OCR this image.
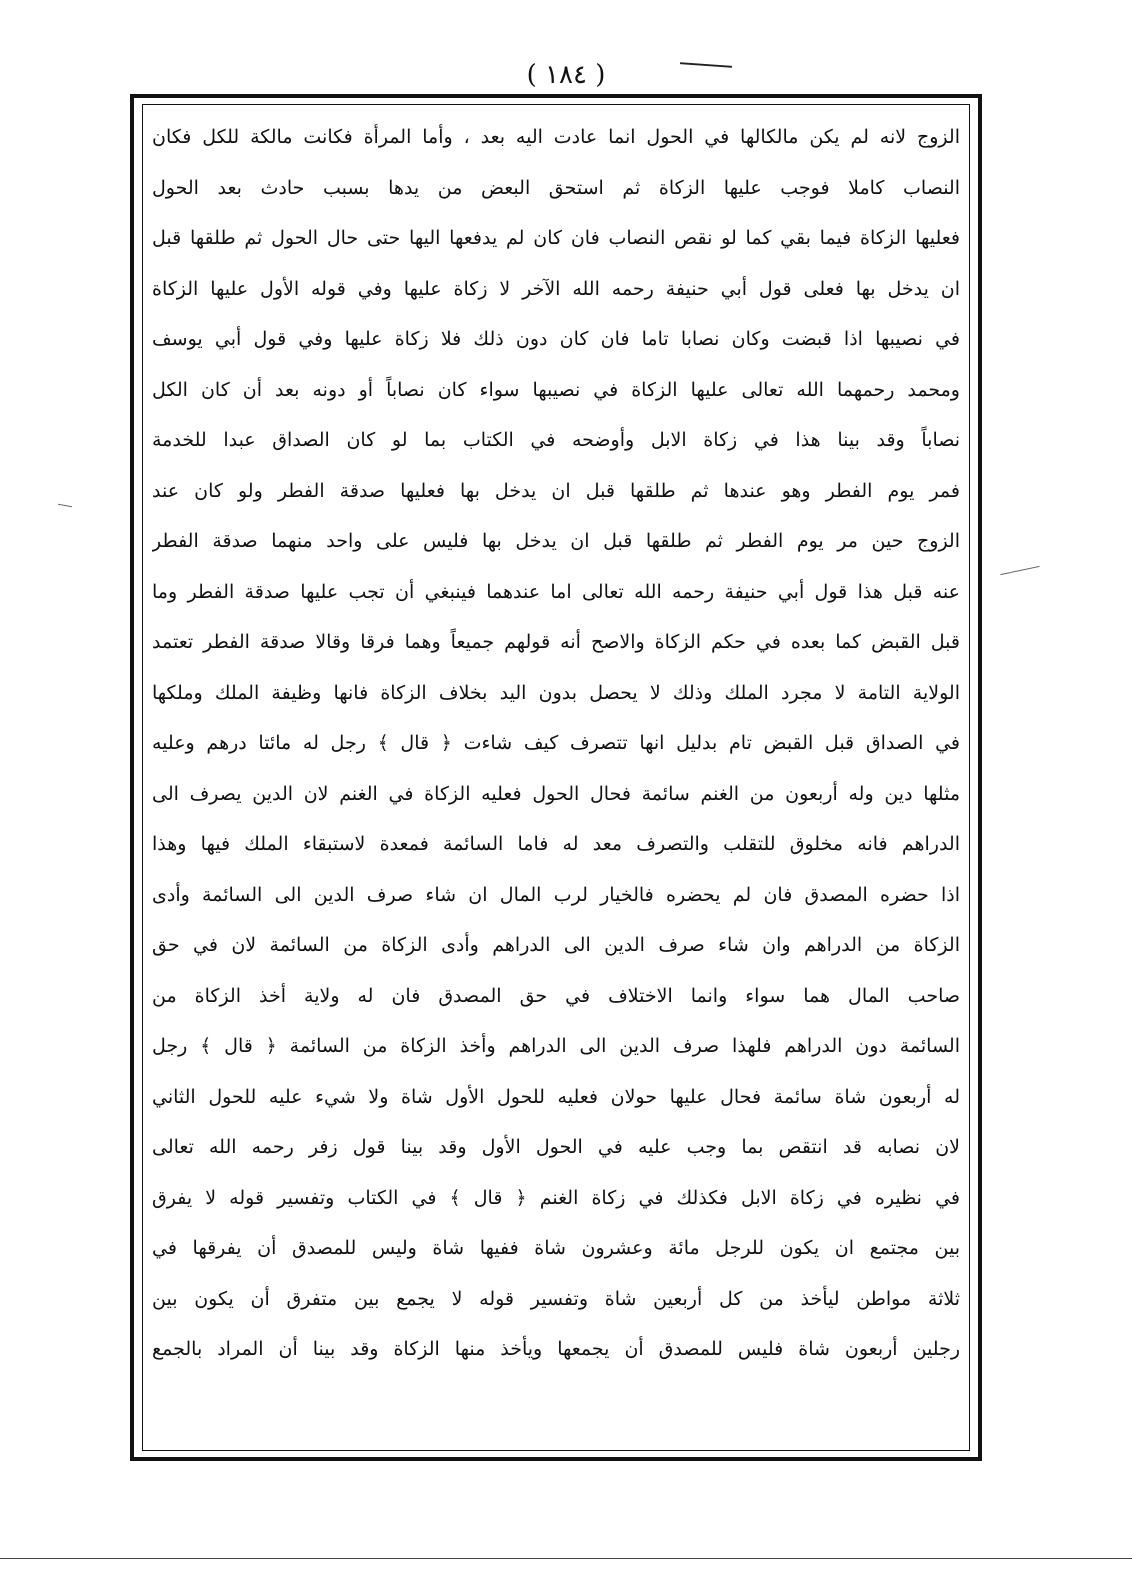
( ١٨٤ )
الزوج لانه لم يكن مالكالها في الحول انما عادت اليه بعد ، وأما المرأة فكانت مالكة للكل فكان
النصاب كاملا فوجب عليها الزكاة ثم استحق البعض من يدها بسبب حادث بعد الحول
فعليها الزكاة فيما بقي كما لو نقص النصاب فان كان لم يدفعها اليها حتى حال الحول ثم طلقها قبل
ان يدخل بها فعلى قول أبي حنيفة رحمه الله الآخر لا زكاة عليها وفي قوله الأول عليها الزكاة
في نصيبها اذا قبضت وكان نصابا تاما فان كان دون ذلك فلا زكاة عليها وفي قول أبي يوسف
ومحمد رحمهما الله تعالى عليها الزكاة في نصيبها سواء كان نصاباً أو دونه بعد أن كان الكل
نصاباً وقد بينا هذا في زكاة الابل وأوضحه في الكتاب بما لو كان الصداق عبدا للخدمة
فمر يوم الفطر وهو عندها ثم طلقها قبل ان يدخل بها فعليها صدقة الفطر ولو كان عند
الزوج حين مر يوم الفطر ثم طلقها قبل ان يدخل بها فليس على واحد منهما صدقة الفطر
عنه قبل هذا قول أبي حنيفة رحمه الله تعالى اما عندهما فينبغي أن تجب عليها صدقة الفطر وما
قبل القبض كما بعده في حكم الزكاة والاصح أنه قولهم جميعاً وهما فرقا وقالا صدقة الفطر تعتمد
الولاية التامة لا مجرد الملك وذلك لا يحصل بدون اليد بخلاف الزكاة فانها وظيفة الملك وملكها
في الصداق قبل القبض تام بدليل انها تتصرف كيف شاءت ﴿ قال ﴾ رجل له مائتا درهم وعليه
مثلها دين وله أربعون من الغنم سائمة فحال الحول فعليه الزكاة في الغنم لان الدين يصرف الى
الدراهم فانه مخلوق للتقلب والتصرف معد له فاما السائمة فمعدة لاستبقاء الملك فيها وهذا
اذا حضره المصدق فان لم يحضره فالخيار لرب المال ان شاء صرف الدين الى السائمة وأدى
الزكاة من الدراهم وان شاء صرف الدين الى الدراهم وأدى الزكاة من السائمة لان في حق
صاحب المال هما سواء وانما الاختلاف في حق المصدق فان له ولاية أخذ الزكاة من
السائمة دون الدراهم فلهذا صرف الدين الى الدراهم وأخذ الزكاة من السائمة ﴿ قال ﴾ رجل
له أربعون شاة سائمة فحال عليها حولان فعليه للحول الأول شاة ولا شيء عليه للحول الثاني
لان نصابه قد انتقص بما وجب عليه في الحول الأول وقد بينا قول زفر رحمه الله تعالى
في نظيره في زكاة الابل فكذلك في زكاة الغنم ﴿ قال ﴾ في الكتاب وتفسير قوله لا يفرق
بين مجتمع ان يكون للرجل مائة وعشرون شاة ففيها شاة وليس للمصدق أن يفرقها في
ثلاثة مواطن ليأخذ من كل أربعين شاة وتفسير قوله لا يجمع بين متفرق أن يكون بين
رجلين أربعون شاة فليس للمصدق أن يجمعها ويأخذ منها الزكاة وقد بينا أن المراد بالجمع
